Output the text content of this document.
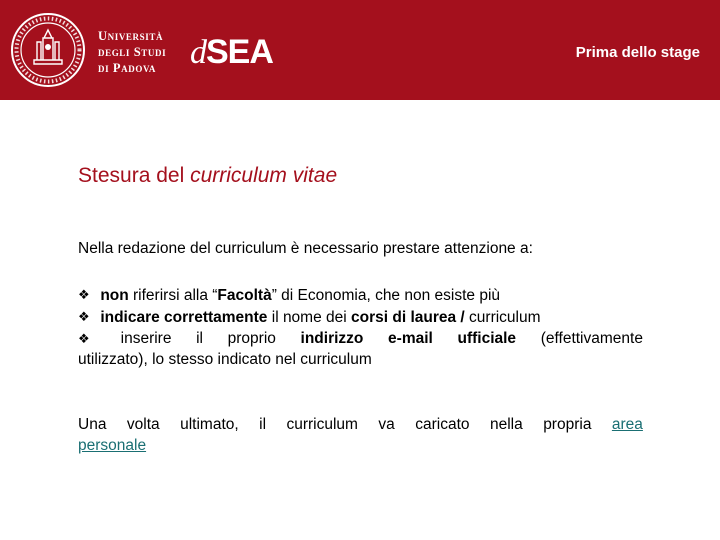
Università
degli Studi
di Padova dSEA	Prima dello stage
Stesura del curriculum vitae
Nella redazione del curriculum è necessario prestare attenzione a:
❖ non riferirsi alla “Facoltà” di Economia, che non esiste più
❖ indicare correttamente il nome dei corsi di laurea / curriculum
❖	inserire il proprio indirizzo e-mail ufficiale (effettivamente
utilizzato), lo stesso indicato nel curriculum
Una volta ultimato, il curriculum va caricato nella propria area
personale
